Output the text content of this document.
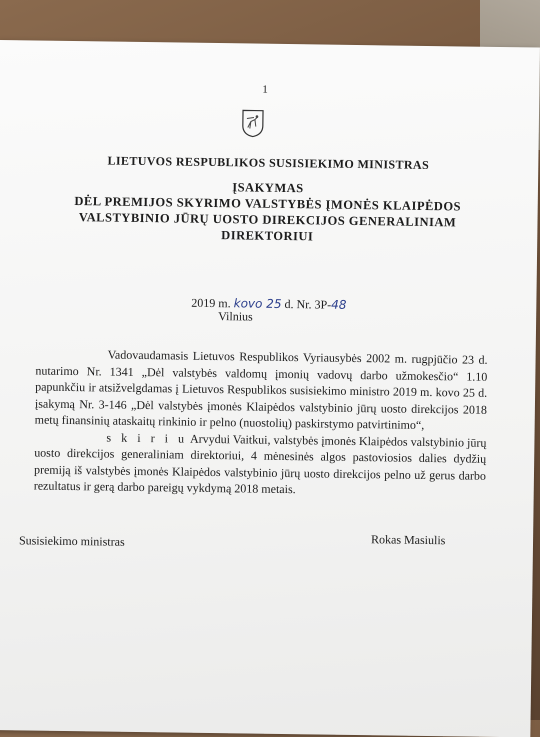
1
LIETUVOS RESPUBLIKOS SUSISIEKIMO MINISTRAS
ĮSAKYMAS
DĖL PREMIJOS SKYRIMO VALSTYBĖS ĮMONĖS KLAIPĖDOS
VALSTYBINIO JŪRŲ UOSTO DIREKCIJOS GENERALINIAM
DIREKTORIUI
2019 m. kovo 25 d. Nr. 3P-48
Vilnius

Vadovaudamasis Lietuvos Respublikos Vyriausybės 2002 m. rugpjūčio 23 d. nutarimo Nr. 1341 „Dėl valstybės valdomų įmonių vadovų darbo užmokesčio“ 1.10 papunkčiu ir atsižvelgdamas į Lietuvos Respublikos susisiekimo ministro 2019 m. kovo 25 d. įsakymą Nr. 3-146 „Dėl valstybės įmonės Klaipėdos valstybinio jūrų uosto direkcijos 2018 metų finansinių ataskaitų rinkinio ir pelno (nuostolių) paskirstymo patvirtinimo“,

s k i r i u Arvydui Vaitkui, valstybės įmonės Klaipėdos valstybinio jūrų uosto direkcijos generaliniam direktoriui, 4 mėnesinės algos pastoviosios dalies dydžių premiją iš valstybės įmonės Klaipėdos valstybinio jūrų uosto direkcijos pelno už gerus darbo rezultatus ir gerą darbo pareigų vykdymą 2018 metais.

Susisiekimo ministras	Rokas Masiulis
